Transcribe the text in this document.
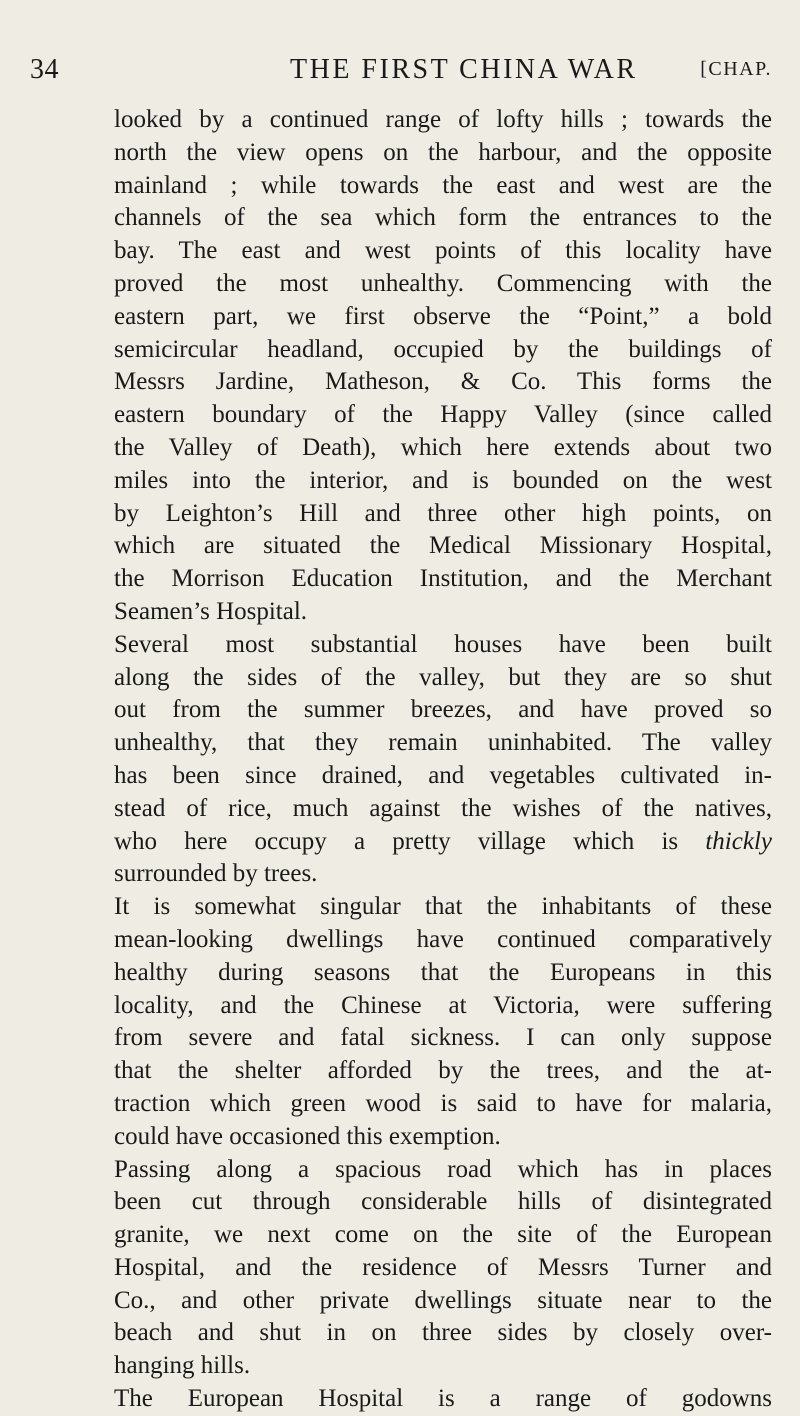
34	THE FIRST CHINA WAR	[CHAP.
looked by a continued range of lofty hills ; towards the
north the view opens on the harbour, and the opposite
mainland ; while towards the east and west are the
channels of the sea which form the entrances to the
bay. The east and west points of this locality have
proved the most unhealthy. Commencing with the
eastern part, we first observe the “Point,” a bold
semicircular headland, occupied by the buildings of
Messrs Jardine, Matheson, & Co. This forms the
eastern boundary of the Happy Valley (since called
the Valley of Death), which here extends about two
miles into the interior, and is bounded on the west
by Leighton’s Hill and three other high points, on
which are situated the Medical Missionary Hospital,
the Morrison Education Institution, and the Merchant
Seamen’s Hospital.
Several most substantial houses have been built
along the sides of the valley, but they are so shut
out from the summer breezes, and have proved so
unhealthy, that they remain uninhabited. The valley
has been since drained, and vegetables cultivated in-
stead of rice, much against the wishes of the natives,
who here occupy a pretty village which is thickly
surrounded by trees.
It is somewhat singular that the inhabitants of these
mean-looking dwellings have continued comparatively
healthy during seasons that the Europeans in this
locality, and the Chinese at Victoria, were suffering
from severe and fatal sickness. I can only suppose
that the shelter afforded by the trees, and the at-
traction which green wood is said to have for malaria,
could have occasioned this exemption.
Passing along a spacious road which has in places
been cut through considerable hills of disintegrated
granite, we next come on the site of the European
Hospital, and the residence of Messrs Turner and
Co., and other private dwellings situate near to the
beach and shut in on three sides by closely over-
hanging hills.
The European Hospital is a range of godowns
